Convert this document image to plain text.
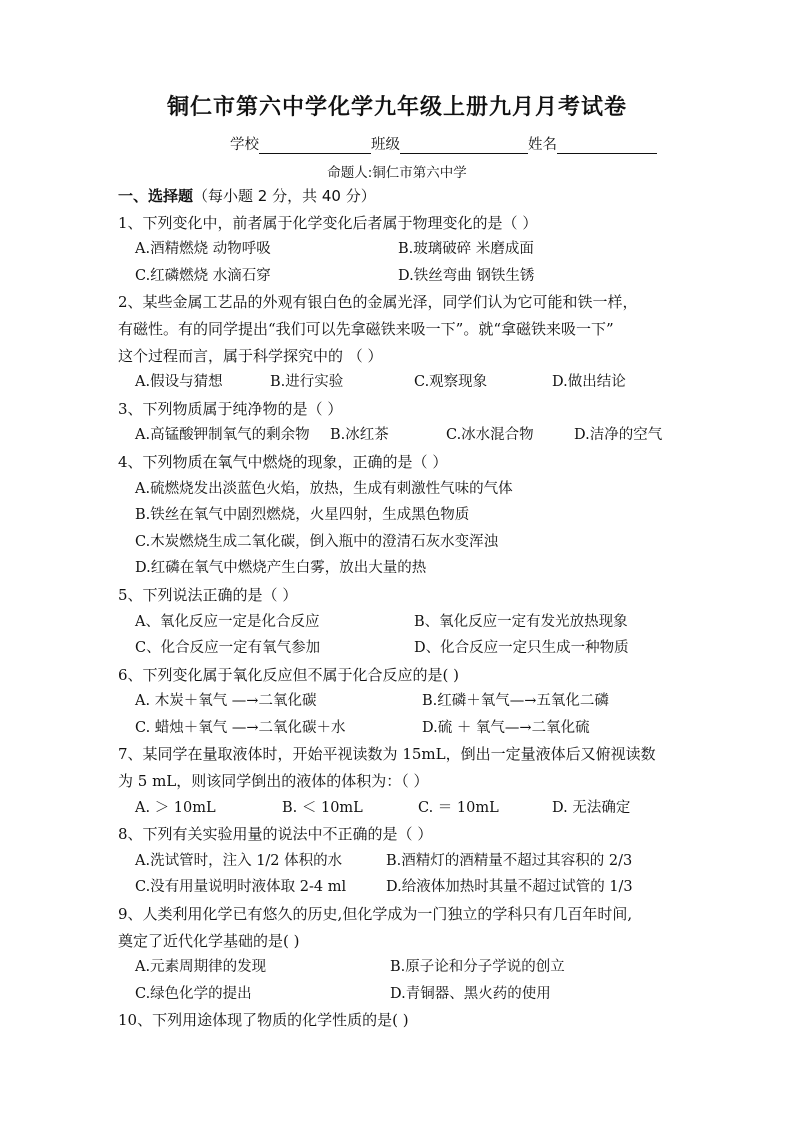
铜仁市第六中学化学九年级上册九月月考试卷
学校	班级	姓名
命题人:铜仁市第六中学
一、选择题（每小题 2 分，共 40 分）
1、下列变化中，前者属于化学变化后者属于物理变化的是（ ）
A.酒精燃烧 动物呼吸	B.玻璃破碎 米磨成面
C.红磷燃烧 水滴石穿	D.铁丝弯曲 钢铁生锈
2、某些金属工艺品的外观有银白色的金属光泽，同学们认为它可能和铁一样，
有磁性。有的同学提出“我们可以先拿磁铁来吸一下”。就“拿磁铁来吸一下”
这个过程而言，属于科学探究中的 （ ）
A.假设与猜想	B.进行实验	C.观察现象	D.做出结论
3、下列物质属于纯净物的是（ ）
A.高锰酸钾制氧气的剩余物 B.冰红茶	C.冰水混合物	D.洁净的空气
4、下列物质在氧气中燃烧的现象，正确的是（ ）
A.硫燃烧发出淡蓝色火焰，放热，生成有刺激性气味的气体
B.铁丝在氧气中剧烈燃烧，火星四射，生成黑色物质
C.木炭燃烧生成二氧化碳，倒入瓶中的澄清石灰水变浑浊
D.红磷在氧气中燃烧产生白雾，放出大量的热
5、下列说法正确的是（ ）
A、氧化反应一定是化合反应	B、氧化反应一定有发光放热现象
C、化合反应一定有氧气参加	D、化合反应一定只生成一种物质
6、下列变化属于氧化反应但不属于化合反应的是( )
A. 木炭＋氧气 —→二氧化碳	B.红磷＋氧气—→五氧化二磷
C. 蜡烛＋氧气 —→二氧化碳＋水	D.硫 ＋ 氧气—→二氧化硫
7、某同学在量取液体时，开始平视读数为 15mL，倒出一定量液体后又俯视读数
为 5 mL，则该同学倒出的液体的体积为：（ ）
A. ＞ 10mL	B. ＜ 10mL	C. ＝ 10mL	D. 无法确定
8、下列有关实验用量的说法中不正确的是（ ）
A.洗试管时，注入 1/2 体积的水	B.酒精灯的酒精量不超过其容积的 2/3
C.没有用量说明时液体取 2-4 ml	D.给液体加热时其量不超过试管的 1/3
9、人类利用化学已有悠久的历史,但化学成为一门独立的学科只有几百年时间,
奠定了近代化学基础的是( )
A.元素周期律的发现	B.原子论和分子学说的创立
C.绿色化学的提出	D.青铜器、黑火药的使用
10、下列用途体现了物质的化学性质的是( )
